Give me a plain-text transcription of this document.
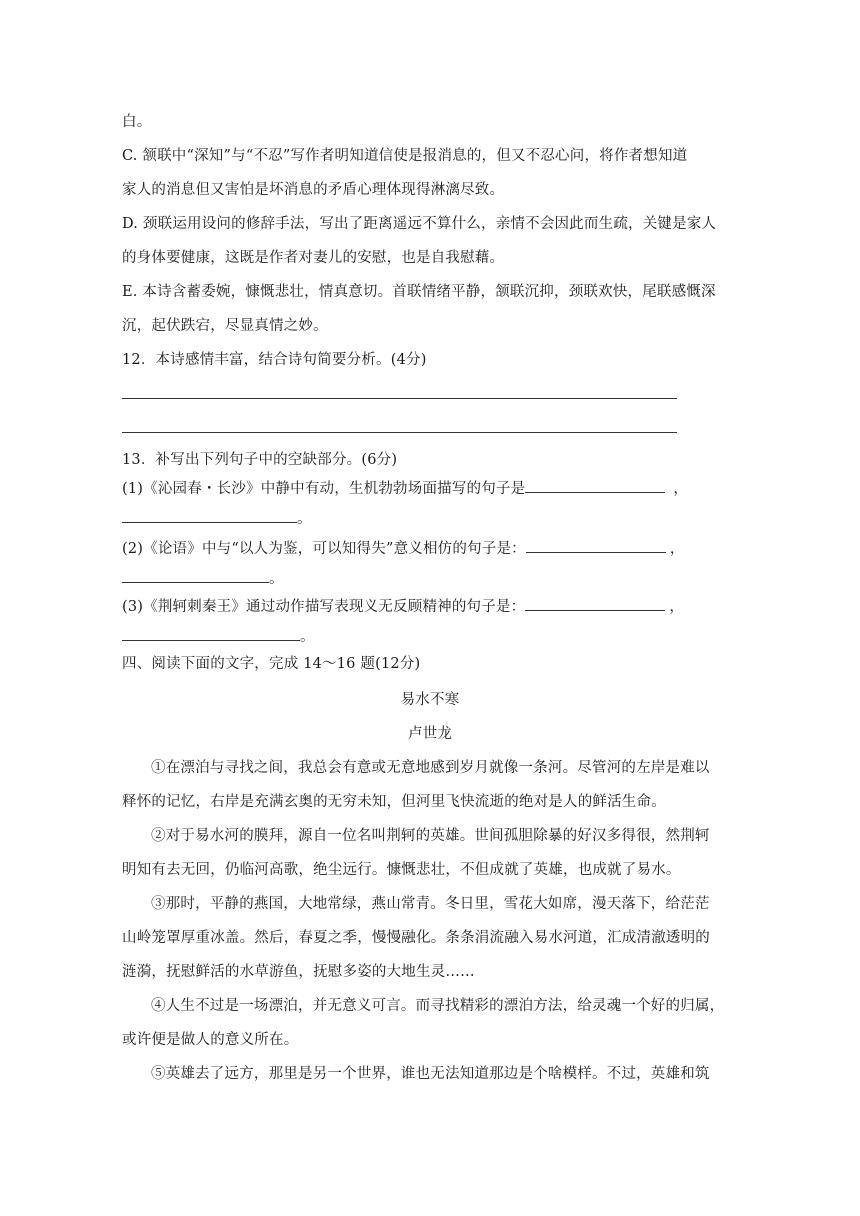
白。
C. 颔联中“深知”与“不忍”写作者明知道信使是报消息的，但又不忍心问，将作者想知道
家人的消息但又害怕是坏消息的矛盾心理体现得淋漓尽致。
D. 颈联运用设问的修辞手法，写出了距离遥远不算什么，亲情不会因此而生疏，关键是家人
的身体要健康，这既是作者对妻儿的安慰，也是自我慰藉。
E. 本诗含蓄委婉，慷慨悲壮，情真意切。首联情绪平静，颔联沉抑，颈联欢快，尾联感慨深
沉，起伏跌宕，尽显真情之妙。
12．本诗感情丰富，结合诗句简要分析。(4分)
13．补写出下列句子中的空缺部分。(6分)
(1)《沁园春・长沙》中静中有动，生机勃勃场面描写的句子是	，
。
(2)《论语》中与“以人为鉴，可以知得失”意义相仿的句子是：	，
。
(3)《荆轲刺秦王》通过动作描写表现义无反顾精神的句子是：	，
。
四、阅读下面的文字，完成 14～16 题(12分)
易水不寒
卢世龙
①在漂泊与寻找之间，我总会有意或无意地感到岁月就像一条河。尽管河的左岸是难以
释怀的记忆，右岸是充满玄奥的无穷未知，但河里飞快流逝的绝对是人的鲜活生命。
②对于易水河的膜拜，源自一位名叫荆轲的英雄。世间孤胆除暴的好汉多得很，然荆轲
明知有去无回，仍临河高歌，绝尘远行。慷慨悲壮，不但成就了英雄，也成就了易水。
③那时，平静的燕国，大地常绿，燕山常青。冬日里，雪花大如席，漫天落下，给茫茫
山岭笼罩厚重冰盖。然后，春夏之季，慢慢融化。条条涓流融入易水河道，汇成清澈透明的
涟漪，抚慰鲜活的水草游鱼，抚慰多姿的大地生灵……
④人生不过是一场漂泊，并无意义可言。而寻找精彩的漂泊方法，给灵魂一个好的归属，
或许便是做人的意义所在。
⑤英雄去了远方，那里是另一个世界，谁也无法知道那边是个啥模样。不过，英雄和筑
